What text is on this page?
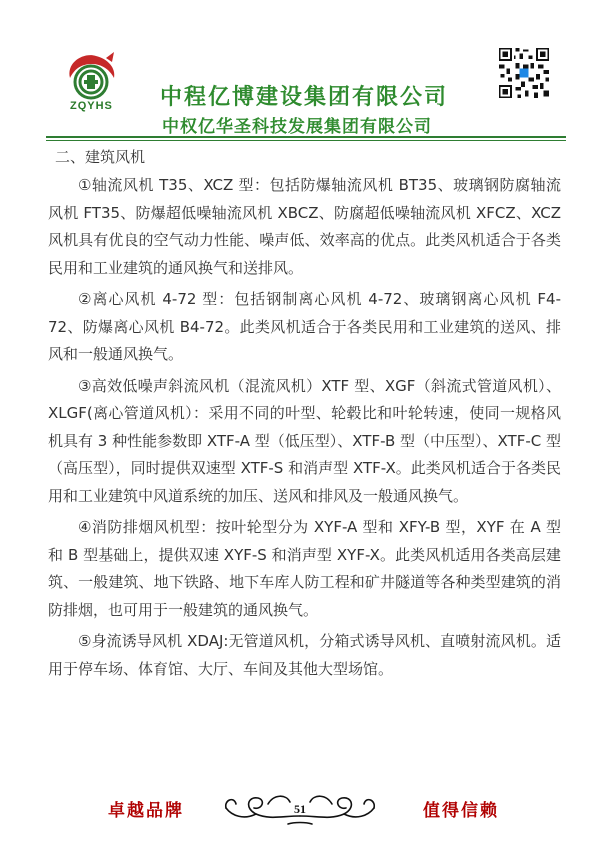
ZQYHS 中程亿博建设集团有限公司
中权亿华圣科技发展集团有限公司
二、建筑风机

①轴流风机 T35、XCZ 型：包括防爆轴流风机 BT35、玻璃钢防腐轴流风机 FT35、防爆超低噪轴流风机 XBCZ、防腐超低噪轴流风机 XFCZ、XCZ 风机具有优良的空气动力性能、噪声低、效率高的优点。此类风机适合于各类民用和工业建筑的通风换气和送排风。

②离心风机 4-72 型：包括钢制离心风机 4-72、玻璃钢离心风机 F4-72、防爆离心风机 B4-72。此类风机适合于各类民用和工业建筑的送风、排风和一般通风换气。

③高效低噪声斜流风机（混流风机）XTF 型、XGF（斜流式管道风机）、XLGF(离心管道风机）：采用不同的叶型、轮毂比和叶轮转速，使同一规格风机具有 3 种性能参数即 XTF-A 型（低压型）、XTF-B 型（中压型）、XTF-C 型（高压型），同时提供双速型 XTF-S 和消声型 XTF-X。此类风机适合于各类民用和工业建筑中风道系统的加压、送风和排风及一般通风换气。

④消防排烟风机型：按叶轮型分为 XYF-A 型和 XFY-B 型，XYF 在 A 型和 B 型基础上，提供双速 XYF-S 和消声型 XYF-X。此类风机适用各类高层建筑、一般建筑、地下铁路、地下车库人防工程和矿井隧道等各种类型建筑的消防排烟，也可用于一般建筑的通风换气。

⑤身流诱导风机 XDAJ:无管道风机，分箱式诱导风机、直喷射流风机。适用于停车场、体育馆、大厅、车间及其他大型场馆。

卓越品牌	51	值得信赖
